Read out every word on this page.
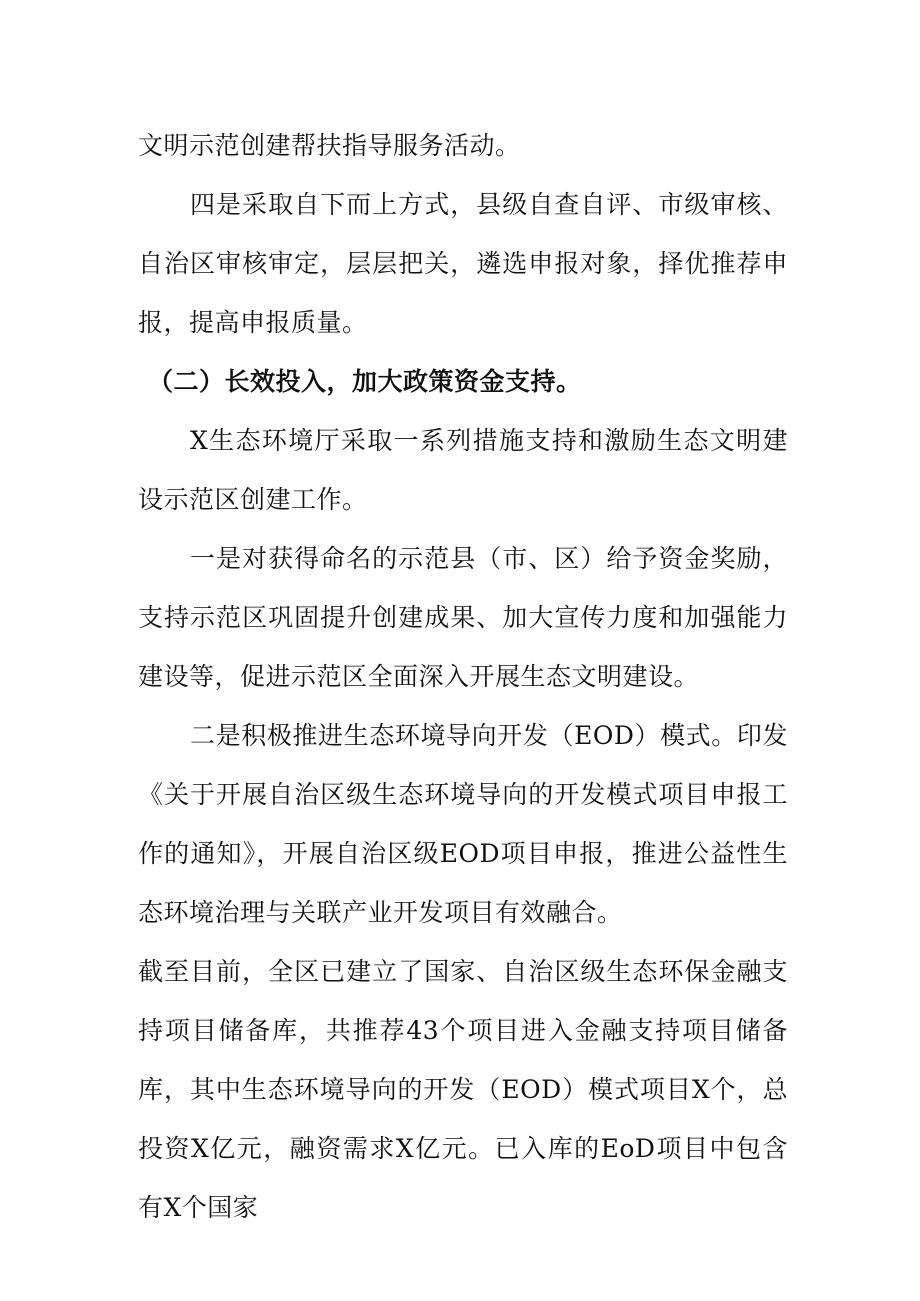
文明示范创建帮扶指导服务活动。

四是采取自下而上方式，县级自查自评、市级审核、自治区审核审定，层层把关，遴选申报对象，择优推荐申报，提高申报质量。

（二）长效投入，加大政策资金支持。

X生态环境厅采取一系列措施支持和激励生态文明建设示范区创建工作。

一是对获得命名的示范县（市、区）给予资金奖励，支持示范区巩固提升创建成果、加大宣传力度和加强能力建设等，促进示范区全面深入开展生态文明建设。

二是积极推进生态环境导向开发（EOD）模式。印发《关于开展自治区级生态环境导向的开发模式项目申报工作的通知》，开展自治区级EOD项目申报，推进公益性生态环境治理与关联产业开发项目有效融合。

截至目前，全区已建立了国家、自治区级生态环保金融支持项目储备库，共推荐43个项目进入金融支持项目储备库，其中生态环境导向的开发（EOD）模式项目X个，总投资X亿元，融资需求X亿元。已入库的EoD项目中包含有X个国家
